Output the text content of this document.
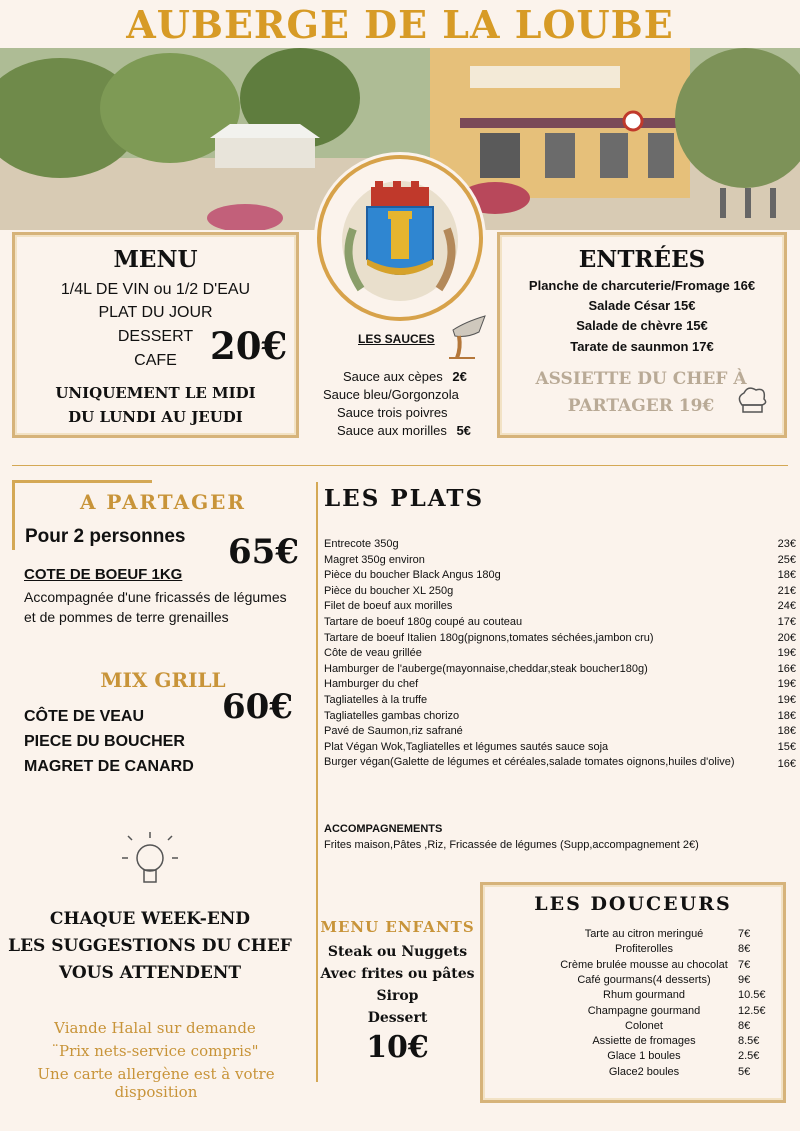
AUBERGE DE LA LOUBE
MENU
1/4L DE VIN ou 1/2 D'EAU
PLAT DU JOUR
DESSERT
CAFE 20€
UNIQUEMENT LE MIDI
DU LUNDI AU JEUDI
ENTRÉES
Planche de charcuterie/Fromage 16€
Salade César 15€
Salade de chèvre 15€
Tarate de saunmon 17€
ASSIETTE DU CHEF À
PARTAGER 19€
LES SAUCES
Sauce aux cèpes 2€
Sauce bleu/Gorgonzola
Sauce trois poivres
Sauce aux morilles 5€
A PARTAGER
Pour 2 personnes 65€
COTE DE BOEUF 1KG
Accompagnée d'une fricassés de légumes
et de pommes de terre grenailles
MIX GRILL
60€
CÔTE DE VEAU
PIECE DU BOUCHER
MAGRET DE CANARD
CHAQUE WEEK-END
LES SUGGESTIONS DU CHEF
VOUS ATTENDENT
Viande Halal sur demande
¨Prix nets-service compris"
Une carte allergène est à votre disposition
LES PLATS
Entrecote 350g	23€
Magret 350g environ	25€
Pièce du boucher Black Angus 180g	18€
Pièce du boucher XL 250g	21€
Filet de boeuf aux morilles	24€
Tartare de boeuf 180g coupé au couteau	17€
Tartare de boeuf Italien 180g(pignons,tomates séchées,jambon cru)	20€
Côte de veau grillée	19€
Hamburger de l'auberge(mayonnaise,cheddar,steak boucher180g)	16€
Hamburger du chef	19€
Tagliatelles à la truffe	19€
Tagliatelles gambas chorizo	18€
Pavé de Saumon,riz safrané	18€
Plat Végan Wok,Tagliatelles et légumes sautés sauce soja	15€
Burger végan(Galette de légumes et céréales,salade tomates oignons,huiles d'olive)	16€
ACCOMPAGNEMENTS
Frites maison,Pâtes ,Riz, Fricassée de légumes (Supp,accompagnement 2€)
MENU ENFANTS
Steak ou Nuggets
Avec frites ou pâtes
Sirop
Dessert
10€
LES DOUCEURS
Tarte au citron meringué	7€
Profiterolles	8€
Crème brulée mousse au chocolat 7€
Café gourmans(4 desserts)	9€
Rhum gourmand	10.5€
Champagne gourmand	12.5€
Colonet	8€
Assiette de fromages	8.5€
Glace 1 boules	2.5€
Glace2 boules	5€
